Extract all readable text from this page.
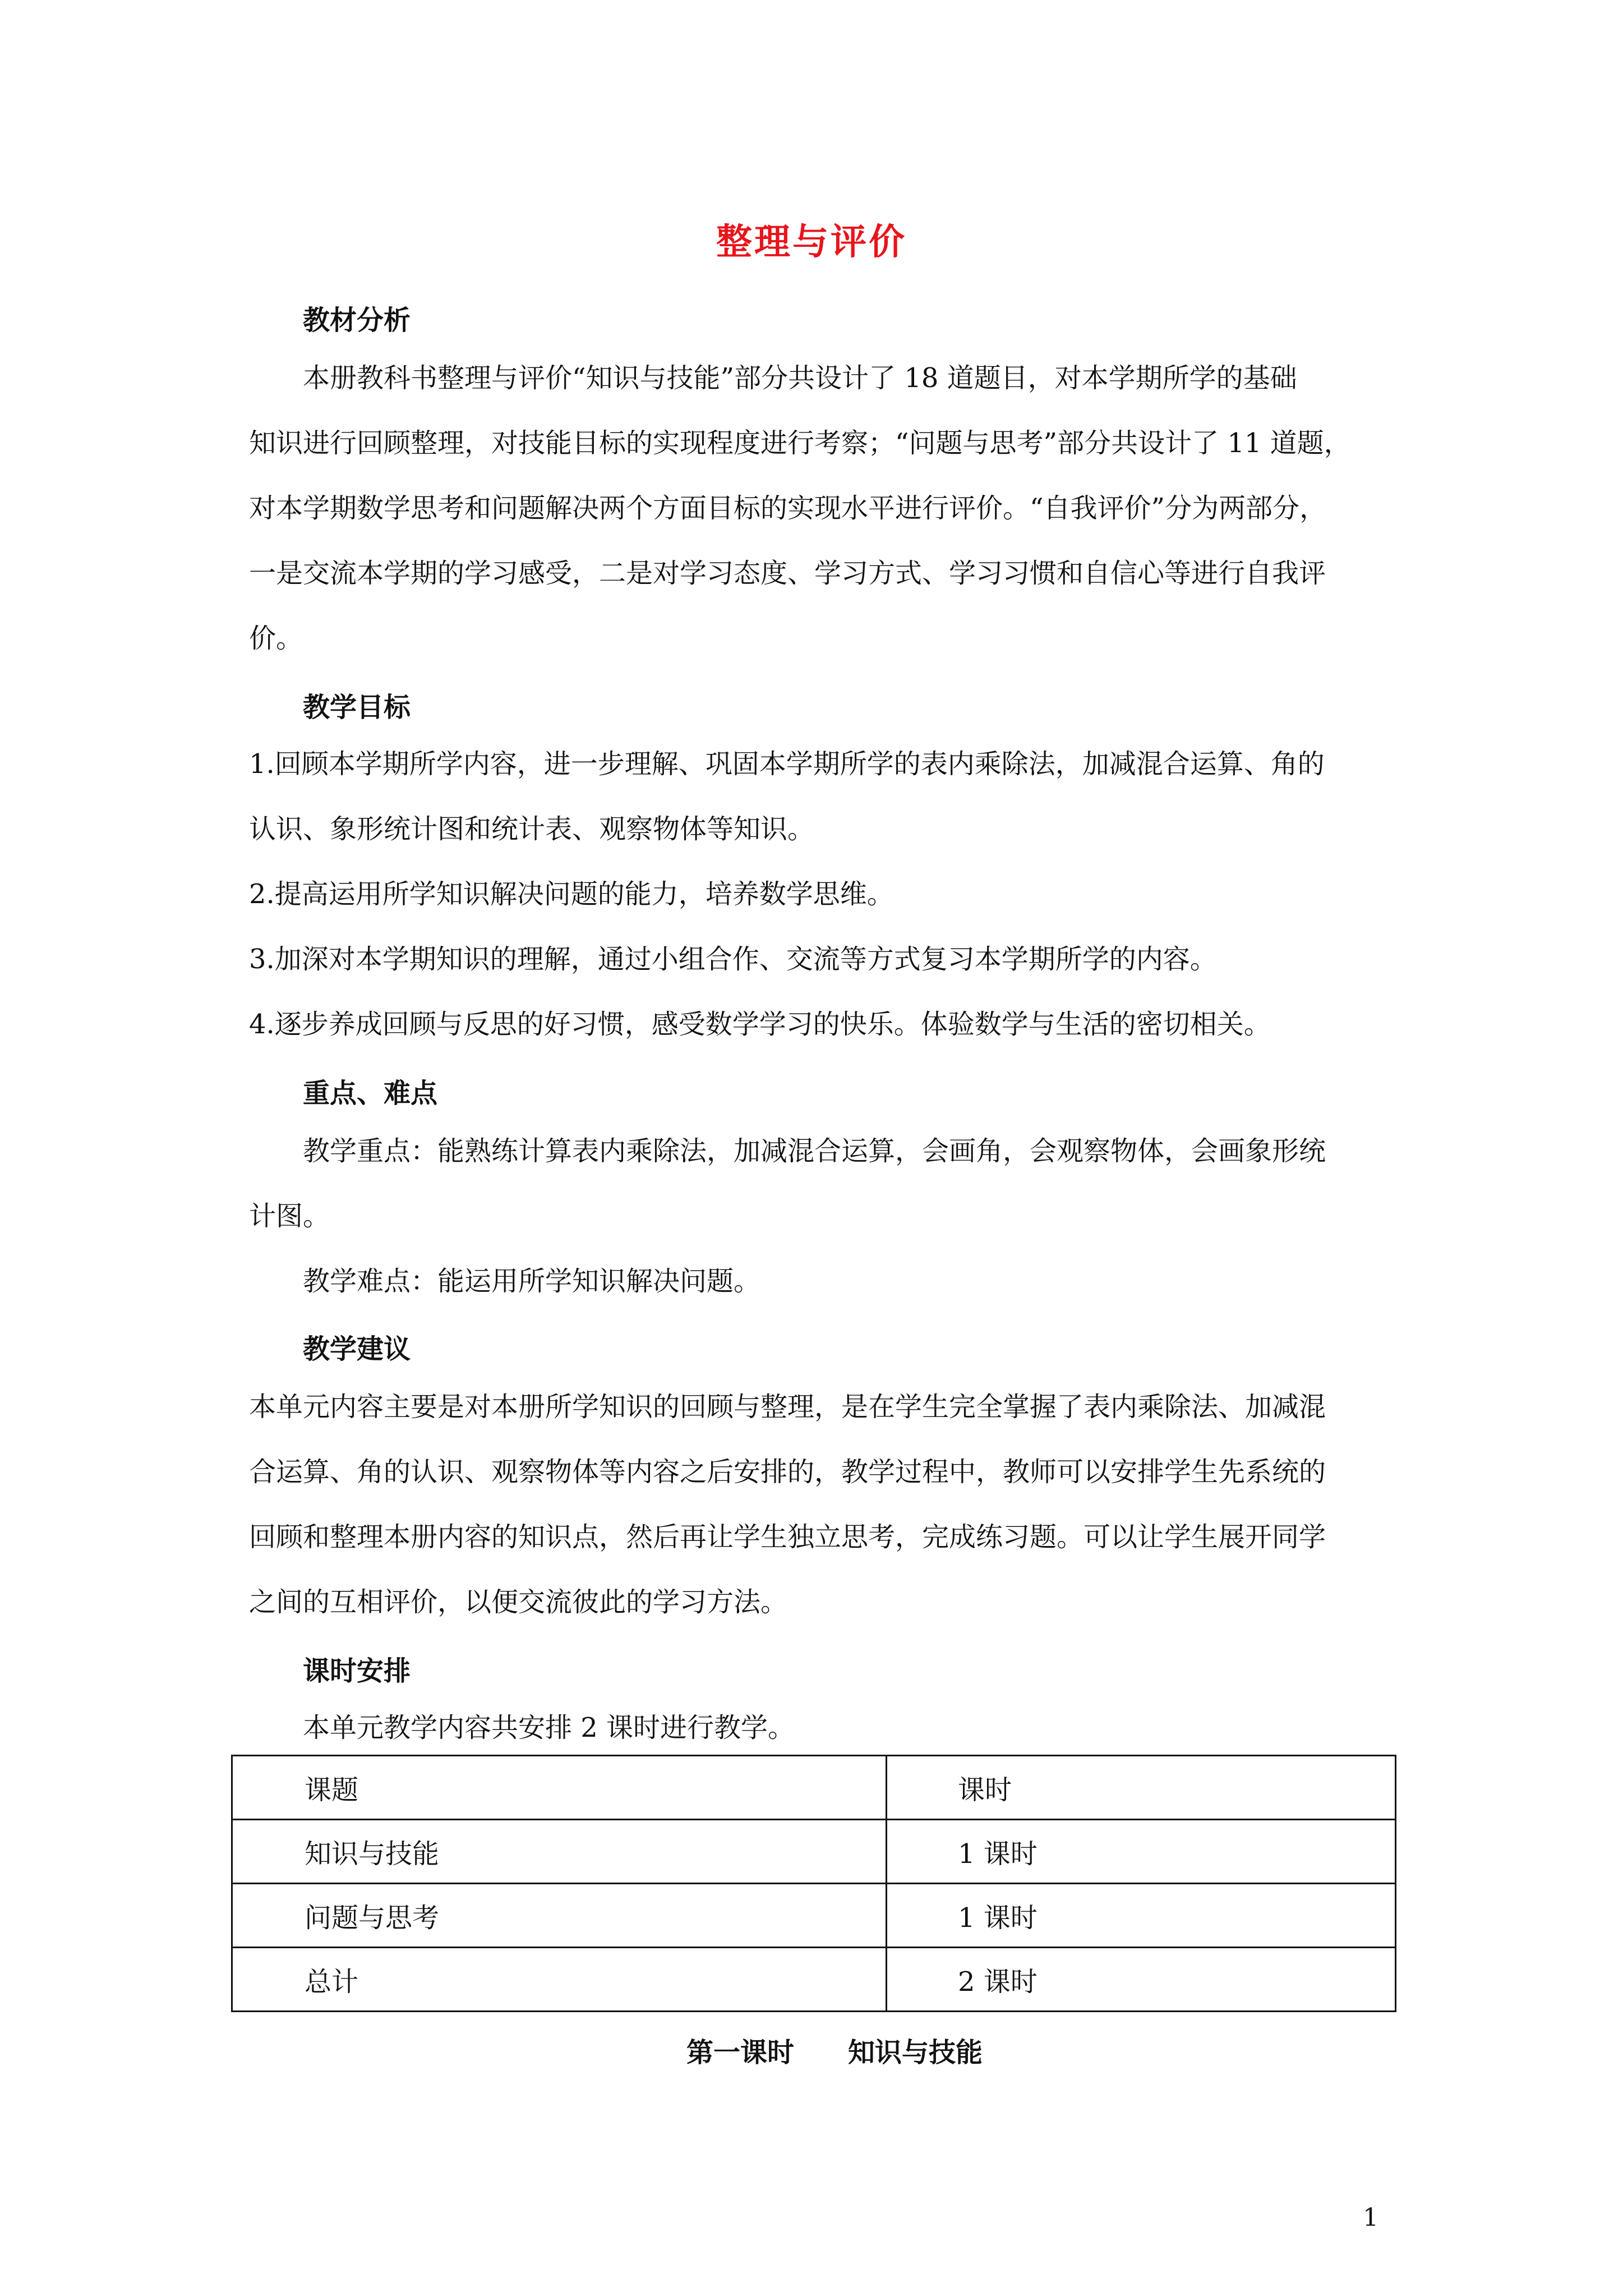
整理与评价
教材分析
本册教科书整理与评价“知识与技能”部分共设计了 18 道题目，对本学期所学的基础
知识进行回顾整理，对技能目标的实现程度进行考察；“问题与思考”部分共设计了 11 道题，
对本学期数学思考和问题解决两个方面目标的实现水平进行评价。“自我评价”分为两部分，
一是交流本学期的学习感受，二是对学习态度、学习方式、学习习惯和自信心等进行自我评
价。
教学目标
1.回顾本学期所学内容，进一步理解、巩固本学期所学的表内乘除法，加减混合运算、角的
认识、象形统计图和统计表、观察物体等知识。
2.提高运用所学知识解决问题的能力，培养数学思维。
3.加深对本学期知识的理解，通过小组合作、交流等方式复习本学期所学的内容。
4.逐步养成回顾与反思的好习惯，感受数学学习的快乐。体验数学与生活的密切相关。
重点、难点
教学重点：能熟练计算表内乘除法，加减混合运算，会画角，会观察物体，会画象形统
计图。
教学难点：能运用所学知识解决问题。
教学建议
本单元内容主要是对本册所学知识的回顾与整理，是在学生完全掌握了表内乘除法、加减混
合运算、角的认识、观察物体等内容之后安排的，教学过程中，教师可以安排学生先系统的
回顾和整理本册内容的知识点，然后再让学生独立思考，完成练习题。可以让学生展开同学
之间的互相评价，以便交流彼此的学习方法。
课时安排
本单元教学内容共安排 2 课时进行教学。
课题	课时
知识与技能	1 课时
问题与思考	1 课时
总计	2 课时
第一课时　　知识与技能
1
